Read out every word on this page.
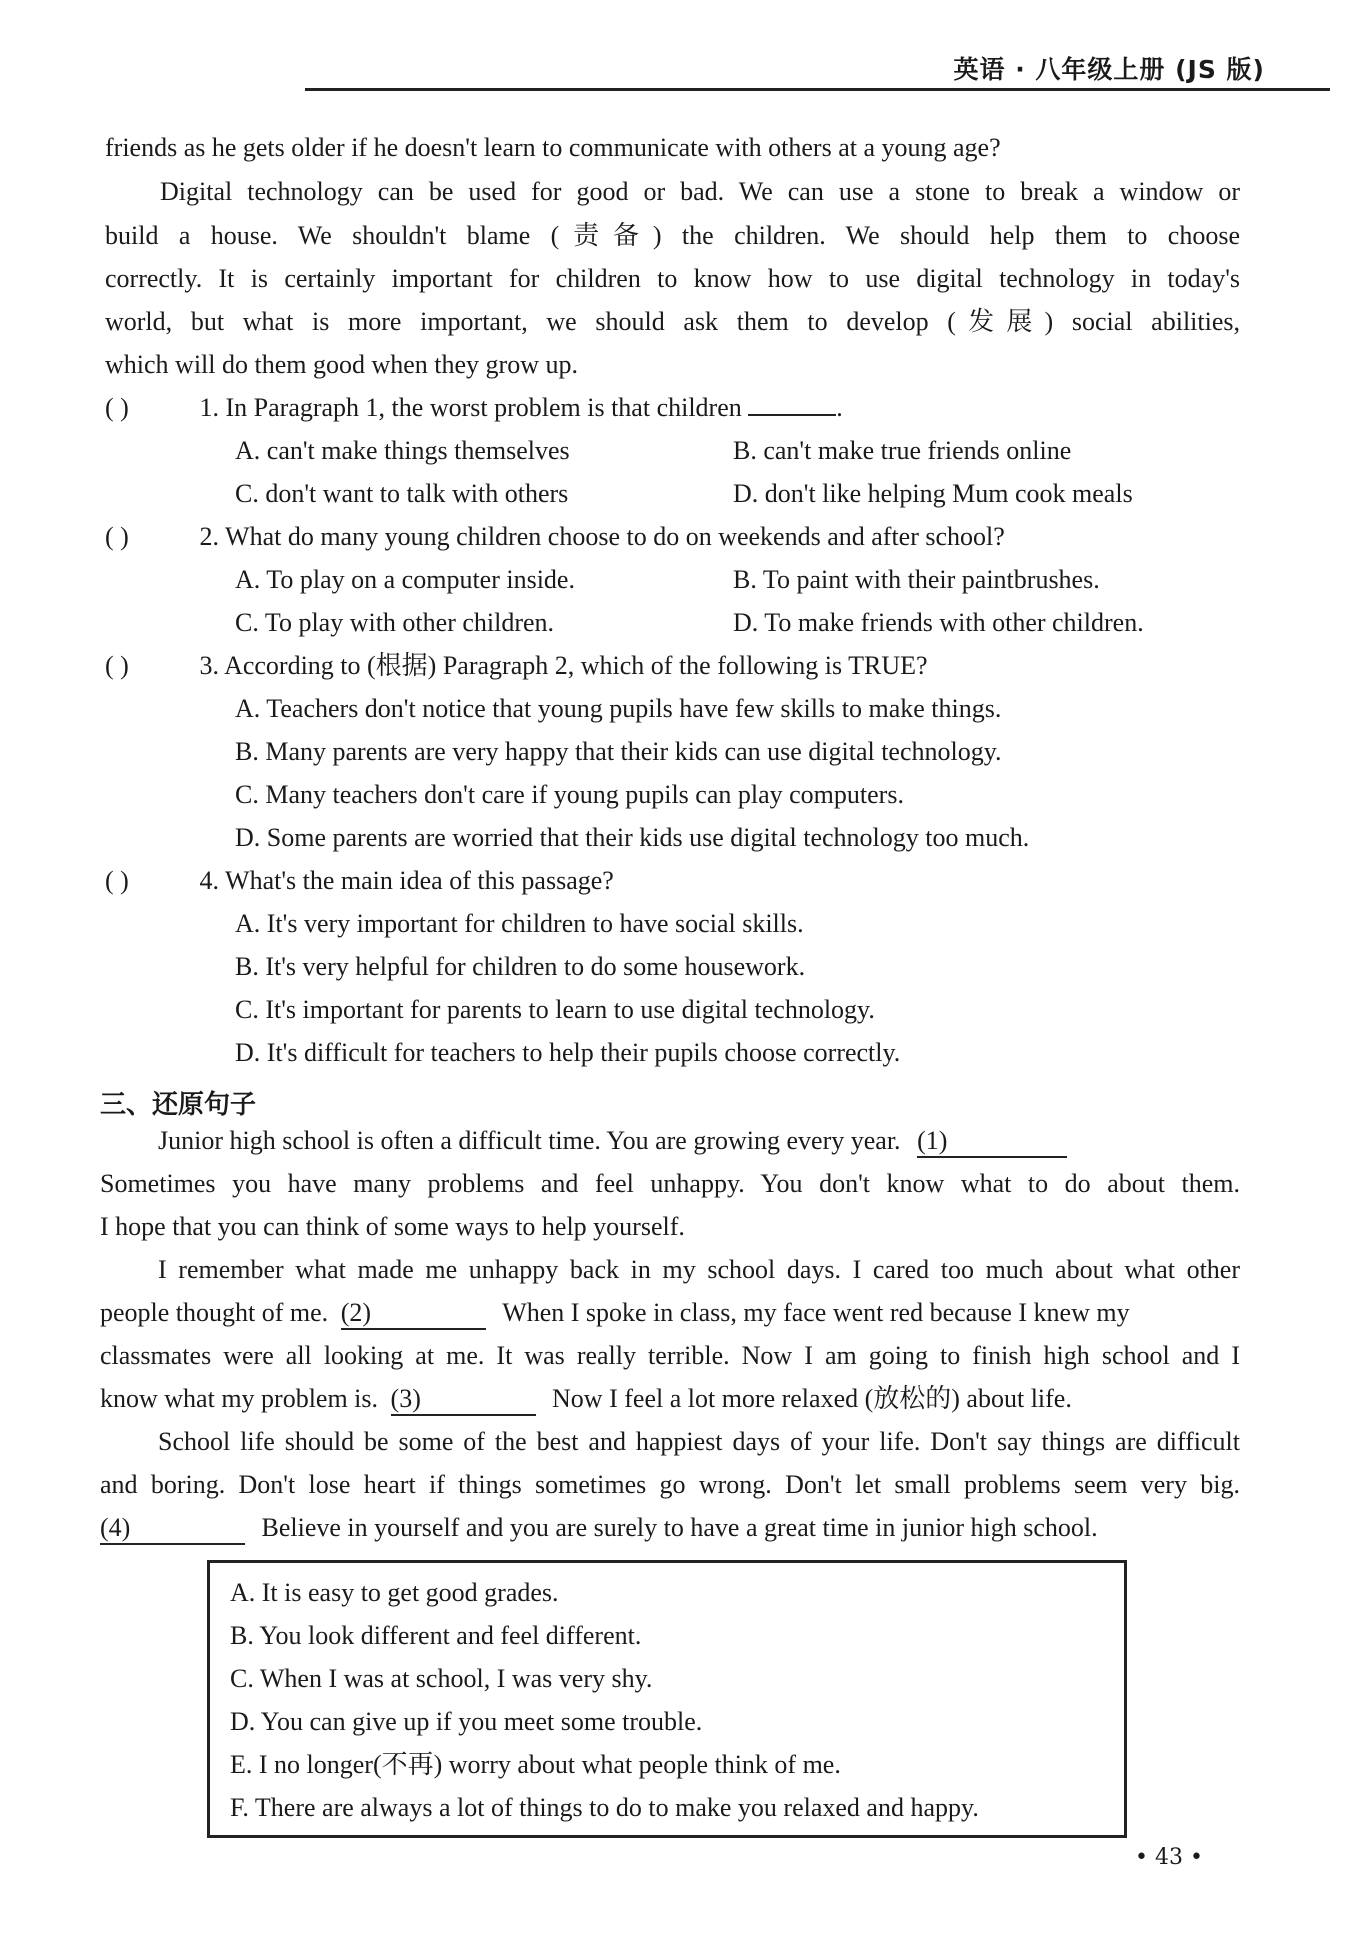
英语 · 八年级上册 (JS 版)
friends as he gets older if he doesn't learn to communicate with others at a young age?
Digital technology can be used for good or bad. We can use a stone to break a window or
build a house. We shouldn't blame (责备) the children. We should help them to choose
correctly. It is certainly important for children to know how to use digital technology in today's
world, but what is more important, we should ask them to develop (发展) social abilities,
which will do them good when they grow up.
( )	1. In Paragraph 1, the worst problem is that children	.
A. can't make things themselves	B. can't make true friends online
C. don't want to talk with others	D. don't like helping Mum cook meals
( )	2. What do many young children choose to do on weekends and after school?
A. To play on a computer inside.	B. To paint with their paintbrushes.
C. To play with other children.	D. To make friends with other children.
( )	3. According to (根据) Paragraph 2, which of the following is TRUE?
A. Teachers don't notice that young pupils have few skills to make things.
B. Many parents are very happy that their kids can use digital technology.
C. Many teachers don't care if young pupils can play computers.
D. Some parents are worried that their kids use digital technology too much.
( )	4. What's the main idea of this passage?
A. It's very important for children to have social skills.
B. It's very helpful for children to do some housework.
C. It's important for parents to learn to use digital technology.
D. It's difficult for teachers to help their pupils choose correctly.
三、还原句子
Junior high school is often a difficult time. You are growing every year. (1)
Sometimes you have many problems and feel unhappy. You don't know what to do about them.
I hope that you can think of some ways to help yourself.
I remember what made me unhappy back in my school days. I cared too much about what other
people thought of me. (2)	When I spoke in class, my face went red because I knew my
classmates were all looking at me. It was really terrible. Now I am going to finish high school and I
know what my problem is. (3)	Now I feel a lot more relaxed (放松的) about life.
School life should be some of the best and happiest days of your life. Don't say things are difficult
and boring. Don't lose heart if things sometimes go wrong. Don't let small problems seem very big.
(4)	Believe in yourself and you are surely to have a great time in junior high school.
A. It is easy to get good grades.
B. You look different and feel different.
C. When I was at school, I was very shy.
D. You can give up if you meet some trouble.
E. I no longer(不再) worry about what people think of me.
F. There are always a lot of things to do to make you relaxed and happy.
• 43 •
